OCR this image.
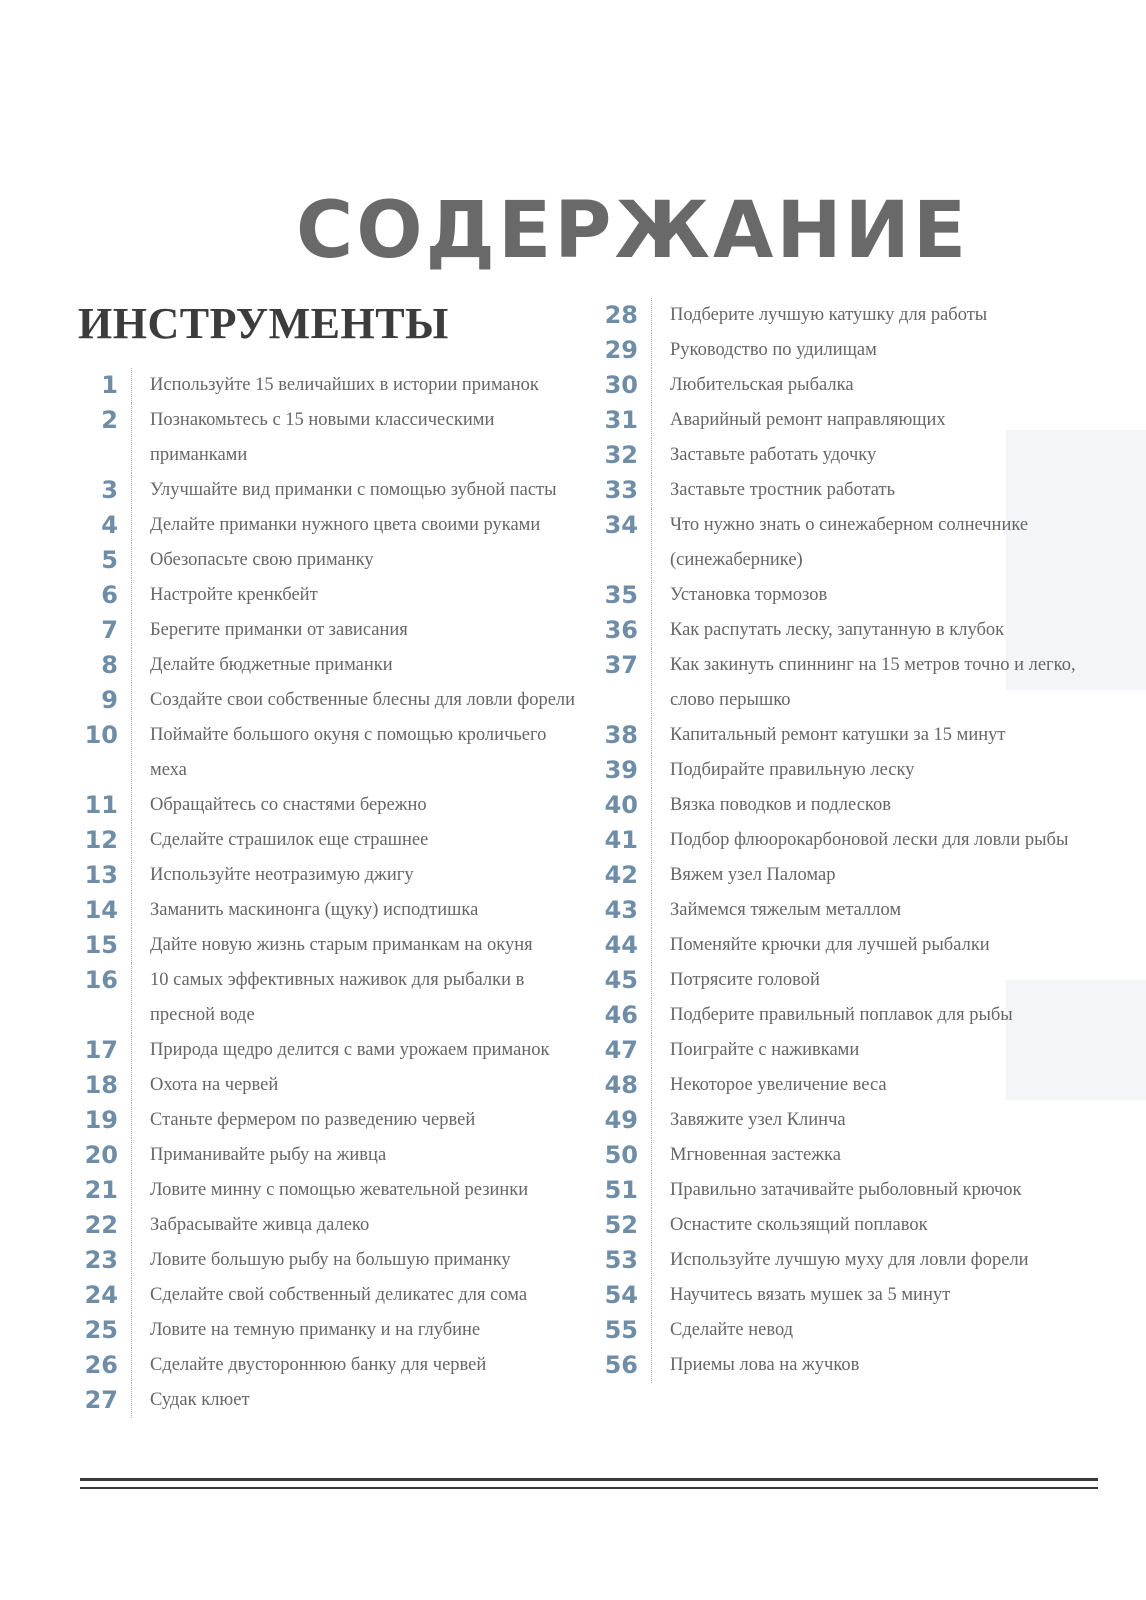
СОДЕРЖАНИЕ
ИНСТРУМЕНТЫ
1 Используйте 15 величайших в истории приманок
2 Познакомьтесь с 15 новыми классическими приманками
3 Улучшайте вид приманки с помощью зубной пасты
4 Делайте приманки нужного цвета своими руками
5 Обезопасьте свою приманку
6 Настройте кренкбейт
7 Берегите приманки от зависания
8 Делайте бюджетные приманки
9 Создайте свои собственные блесны для ловли форели
10 Поймайте большого окуня с помощью кроличьего меха
11 Обращайтесь со снастями бережно
12 Сделайте страшилок еще страшнее
13 Используйте неотразимую джигу
14 Заманить маскинонга (щуку) исподтишка
15 Дайте новую жизнь старым приманкам на окуня
16 10 самых эффективных наживок для рыбалки в пресной воде
17 Природа щедро делится с вами урожаем приманок
18 Охота на червей
19 Станьте фермером по разведению червей
20 Приманивайте рыбу на живца
21 Ловите минну с помощью жевательной резинки
22 Забрасывайте живца далеко
23 Ловите большую рыбу на большую приманку
24 Сделайте свой собственный деликатес для сома
25 Ловите на темную приманку и на глубине
26 Сделайте двустороннюю банку для червей
27 Судак клюет
28 Подберите лучшую катушку для работы
29 Руководство по удилищам
30 Любительская рыбалка
31 Аварийный ремонт направляющих
32 Заставьте работать удочку
33 Заставьте тростник работать
34 Что нужно знать о синежаберном солнечнике (синежабернике)
35 Установка тормозов
36 Как распутать леску, запутанную в клубок
37 Как закинуть спиннинг на 15 метров точно и легко, слово перышко
38 Капитальный ремонт катушки за 15 минут
39 Подбирайте правильную леску
40 Вязка поводков и подлесков
41 Подбор флюорокарбоновой лески для ловли рыбы
42 Вяжем узел Паломар
43 Займемся тяжелым металлом
44 Поменяйте крючки для лучшей рыбалки
45 Потрясите головой
46 Подберите правильный поплавок для рыбы
47 Поиграйте с наживками
48 Некоторое увеличение веса
49 Завяжите узел Клинча
50 Мгновенная застежка
51 Правильно затачивайте рыболовный крючок
52 Оснастите скользящий поплавок
53 Используйте лучшую муху для ловли форели
54 Научитесь вязать мушек за 5 минут
55 Сделайте невод
56 Приемы лова на жучков
